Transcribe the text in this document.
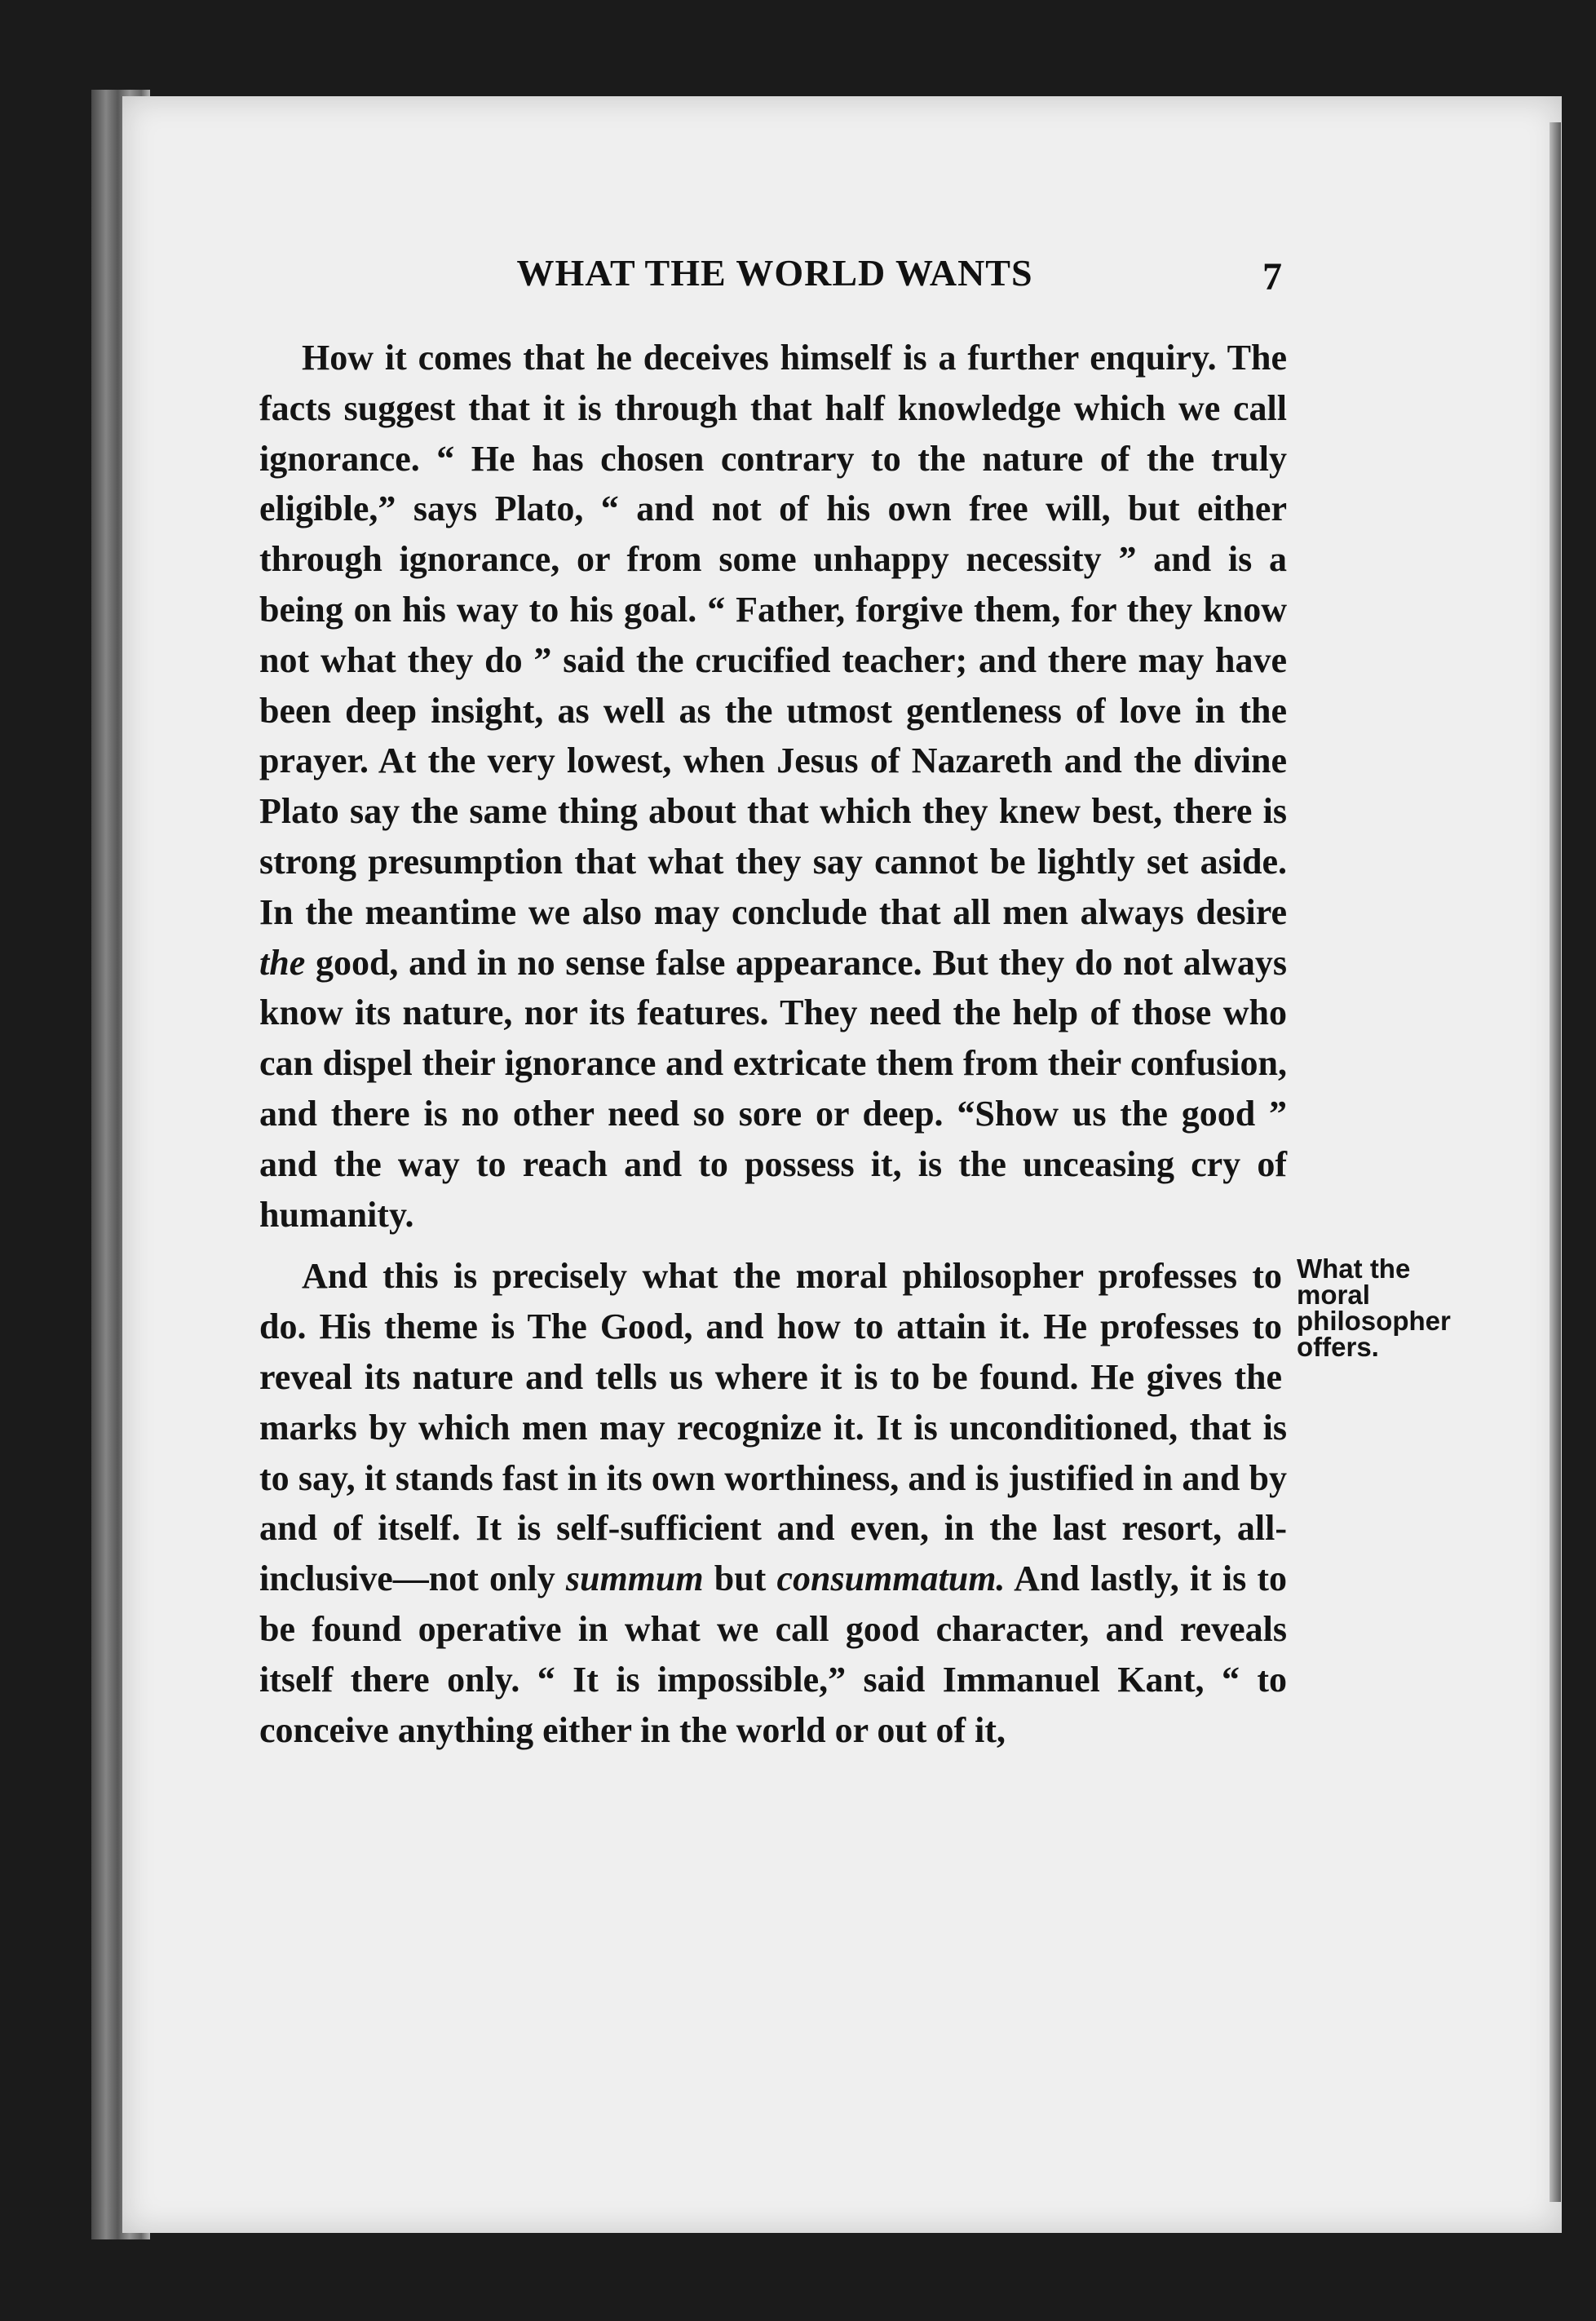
WHAT THE WORLD WANTS	7

How it comes that he deceives himself is a further enquiry. The facts suggest that it is through that half knowledge which we call ignorance. “ He has chosen contrary to the nature of the truly eligible,” says Plato, “ and not of his own free will, but either through ignorance, or from some unhappy necessity ” and is a being on his way to his goal. “ Father, forgive them, for they know not what they do ” said the crucified teacher; and there may have been deep insight, as well as the utmost gentleness of love in the prayer. At the very lowest, when Jesus of Nazareth and the divine Plato say the same thing about that which they knew best, there is strong presumption that what they say cannot be lightly set aside. In the meantime we also may conclude that all men always desire the good, and in no sense false appearance. But they do not always know its nature, nor its features. They need the help of those who can dispel their ignorance and extricate them from their confusion, and there is no other need so sore or deep. “Show us the good ” and the way to reach and to possess it, is the unceasing cry of humanity.

What the moral philosopher offers.
And this is precisely what the moral philosopher professes to do. His theme is The Good, and how to attain it. He professes to reveal its nature and tells us where it is to be found. He gives the marks by which men may recognize it. It is unconditioned, that is to say, it stands fast in its own worthiness, and is justified in and by and of itself. It is self-sufficient and even, in the last resort, all-inclusive—not only summum but consummatum. And lastly, it is to be found operative in what we call good character, and reveals itself there only. “ It is impossible,” said Immanuel Kant, “ to conceive anything either in the world or out of it,
